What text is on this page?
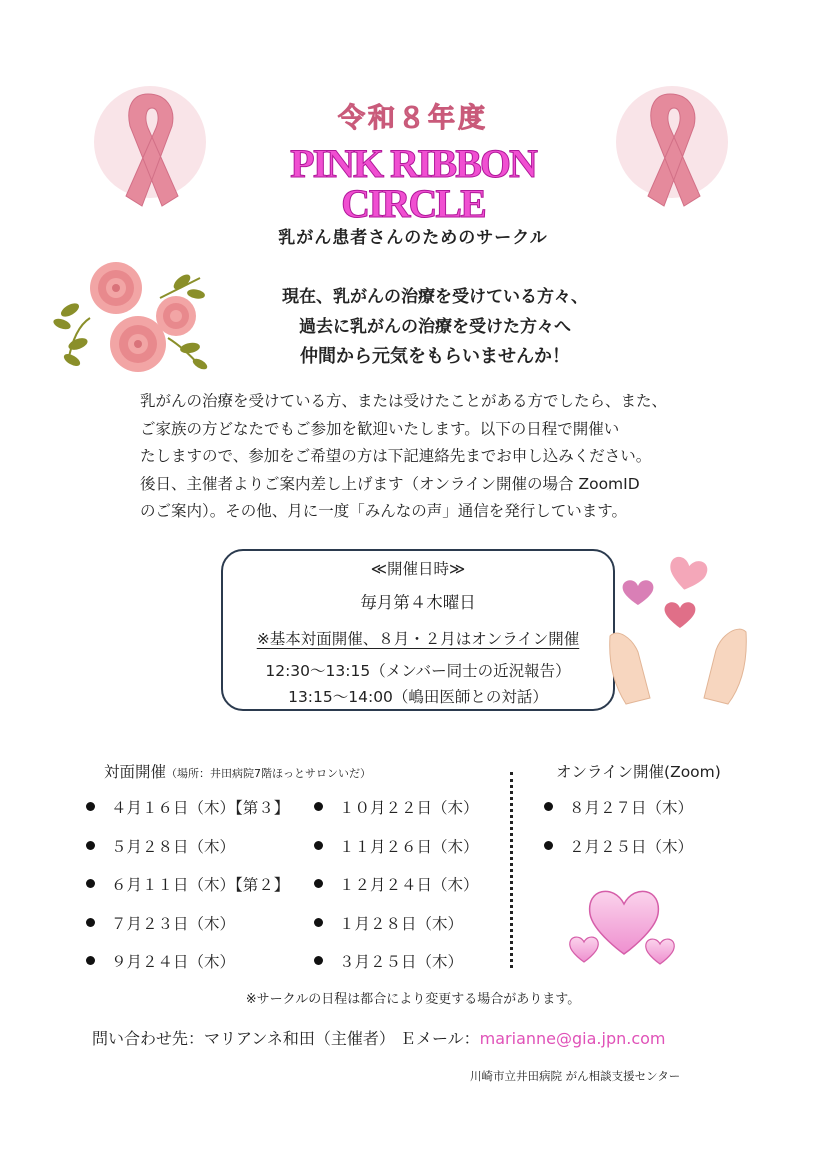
令和８年度
PINK RIBBON
CIRCLE
乳がん患者さんのためのサークル
現在、乳がんの治療を受けている方々、
過去に乳がんの治療を受けた方々へ
仲間から元気をもらいませんか！
乳がんの治療を受けている方、または受けたことがある方でしたら、また、
ご家族の方どなたでもご参加を歓迎いたします。以下の日程で開催い
たしますので、参加をご希望の方は下記連絡先までお申し込みください。
後日、主催者よりご案内差し上げます（オンライン開催の場合 ZoomID
のご案内）。その他、月に一度「みんなの声」通信を発行しています。
≪開催日時≫
毎月第４木曜日
※基本対面開催、８月・２月はオンライン開催
12:30～13:15（メンバー同士の近況報告）
13:15～14:00（嶋田医師との対話）
対面開催（場所：井田病院7階ほっとサロンいだ）
４月１６日（木）【第３】
５月２８日（木）
６月１１日（木）【第２】
７月２３日（木）
９月２４日（木）
１０月２２日（木）
１１月２６日（木）
１２月２４日（木）
１月２８日（木）
３月２５日（木）
オンライン開催(Zoom)
８月２７日（木）
２月２５日（木）
※サークルの日程は都合により変更する場合があります。
問い合わせ先：マリアンネ和田（主催者） Ｅメール：marianne@gia.jpn.com
川崎市立井田病院 がん相談支援センター
